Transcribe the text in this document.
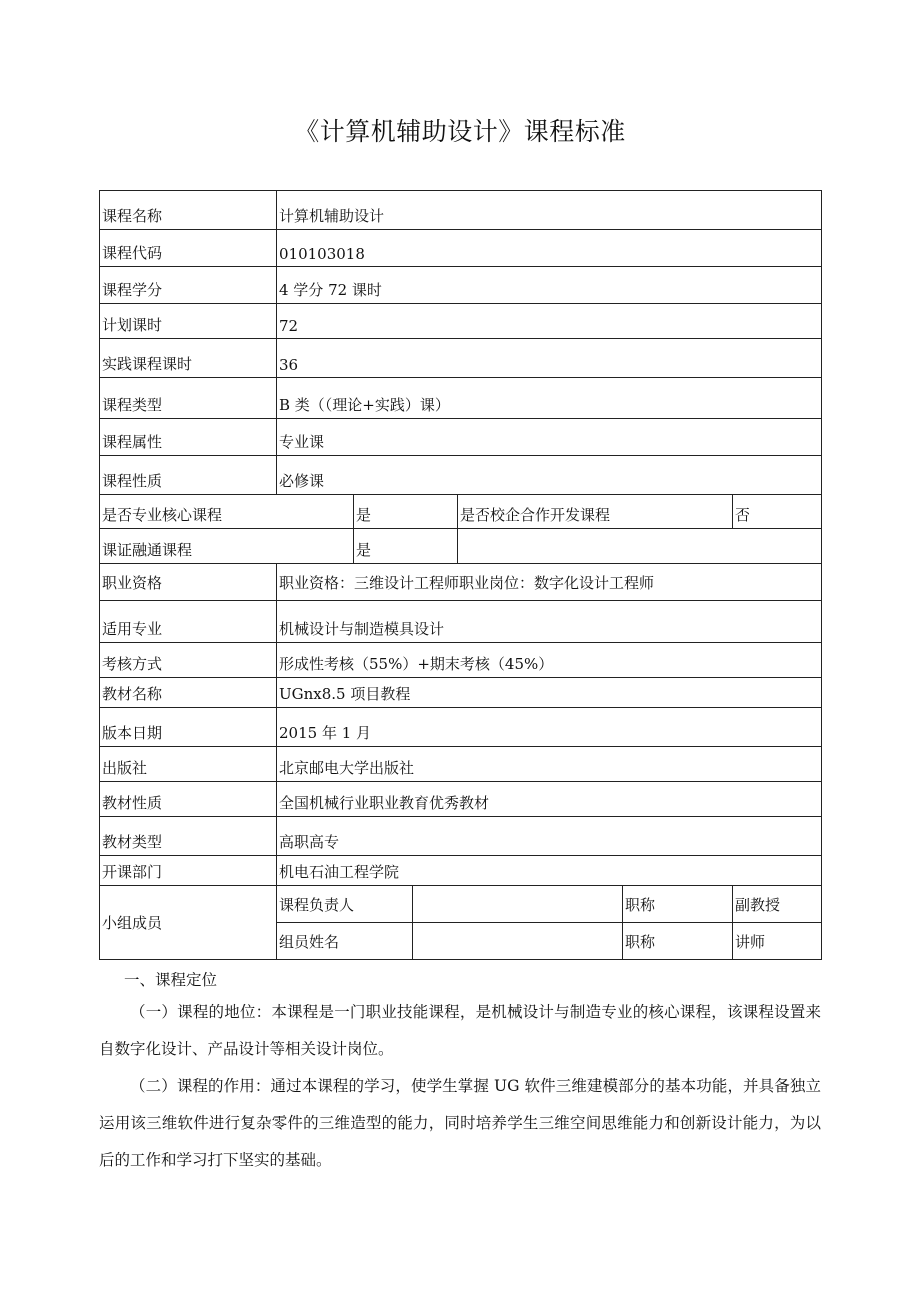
《计算机辅助设计》课程标准
课程名称	计算机辅助设计					
课程代码	010103018					
课程学分	4 学分 72 课时					
计划课时	72					
实践课程课时	36					
课程类型	B 类（（理论+实践）课）					
课程属性	专业课					
课程性质	必修课					
是否专业核心课程		是		是否校企合作开发课程		否
课证融通课程		是				
职业资格	职业资格：三维设计工程师职业岗位：数字化设计工程师					
适用专业	机械设计与制造模具设计					
考核方式	形成性考核（55%）+期末考核（45%）					
教材名称	UGnx8.5 项目教程					
版本日期	2015 年 1 月					
出版社	北京邮电大学出版社					
教材性质	全国机械行业职业教育优秀教材					
教材类型	高职高专					
开课部门	机电石油工程学院					
小组成员	课程负责人				职称	副教授
	组员姓名				职称	讲师
一、课程定位
（一）课程的地位：本课程是一门职业技能课程，是机械设计与制造专业的核心课程，该课程设置来自数字化设计、产品设计等相关设计岗位。
（二）课程的作用：通过本课程的学习，使学生掌握 UG 软件三维建模部分的基本功能，并具备独立运用该三维软件进行复杂零件的三维造型的能力，同时培养学生三维空间思维能力和创新设计能力，为以后的工作和学习打下坚实的基础。
